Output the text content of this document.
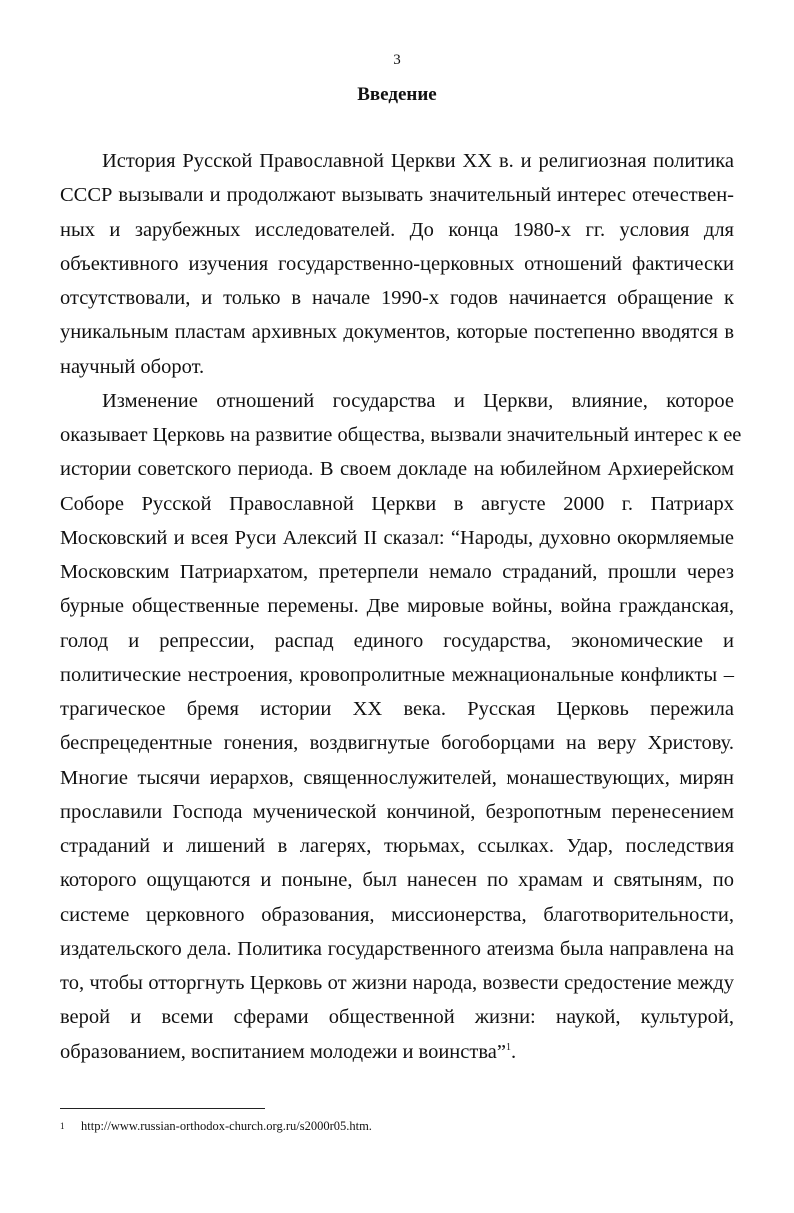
3
Введение
История Русской Православной Церкви XX в. и религиозная политика
СССР вызывали и продолжают вызывать значительный интерес отечествен-
ных и зарубежных исследователей. До конца 1980-х гг. условия для
объективного изучения государственно-церковных отношений фактически
отсутствовали, и только в начале 1990-х годов начинается обращение к
уникальным пластам архивных документов, которые постепенно вводятся в
научный оборот.
Изменение отношений государства и Церкви, влияние, которое
оказывает Церковь на развитие общества, вызвали значительный интерес к ее
истории советского периода. В своем докладе на юбилейном Архиерейском
Соборе Русской Православной Церкви в августе 2000 г. Патриарх
Московский и всея Руси Алексий II сказал: “Народы, духовно окормляемые
Московским Патриархатом, претерпели немало страданий, прошли через
бурные общественные перемены. Две мировые войны, война гражданская,
голод и репрессии, распад единого государства, экономические и
политические нестроения, кровопролитные межнациональные конфликты –
трагическое бремя истории XX века. Русская Церковь пережила
беспрецедентные гонения, воздвигнутые богоборцами на веру Христову.
Многие тысячи иерархов, священнослужителей, монашествующих, мирян
прославили Господа мученической кончиной, безропотным перенесением
страданий и лишений в лагерях, тюрьмах, ссылках. Удар, последствия
которого ощущаются и поныне, был нанесен по храмам и святыням, по
системе церковного образования, миссионерства, благотворительности,
издательского дела. Политика государственного атеизма была направлена на
то, чтобы отторгнуть Церковь от жизни народа, возвести средостение между
верой и всеми сферами общественной жизни: наукой, культурой,
образованием, воспитанием молодежи и воинства”$^1$.
1 http://www.russian-orthodox-church.org.ru/s2000r05.htm.
